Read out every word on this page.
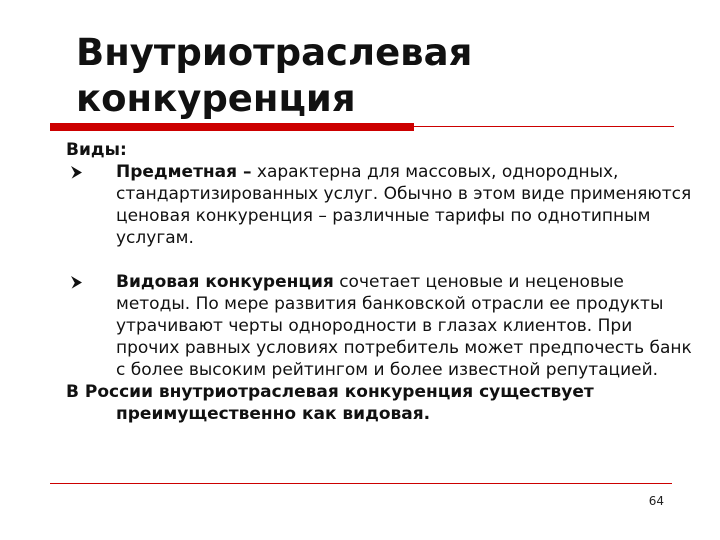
Внутриотраслевая
конкуренция

Виды:

Предметная – характерна для массовых, однородных, стандартизированных услуг. Обычно в этом виде применяются ценовая конкуренция – различные тарифы по однотипным услугам.

Видовая конкуренция сочетает ценовые и неценовые методы. По мере развития банковской отрасли ее продукты утрачивают черты однородности в глазах клиентов. При прочих равных условиях потребитель может предпочесть банк с более высоким рейтингом и более известной репутацией.

В России внутриотраслевая конкуренция существует преимущественно как видовая.

64
